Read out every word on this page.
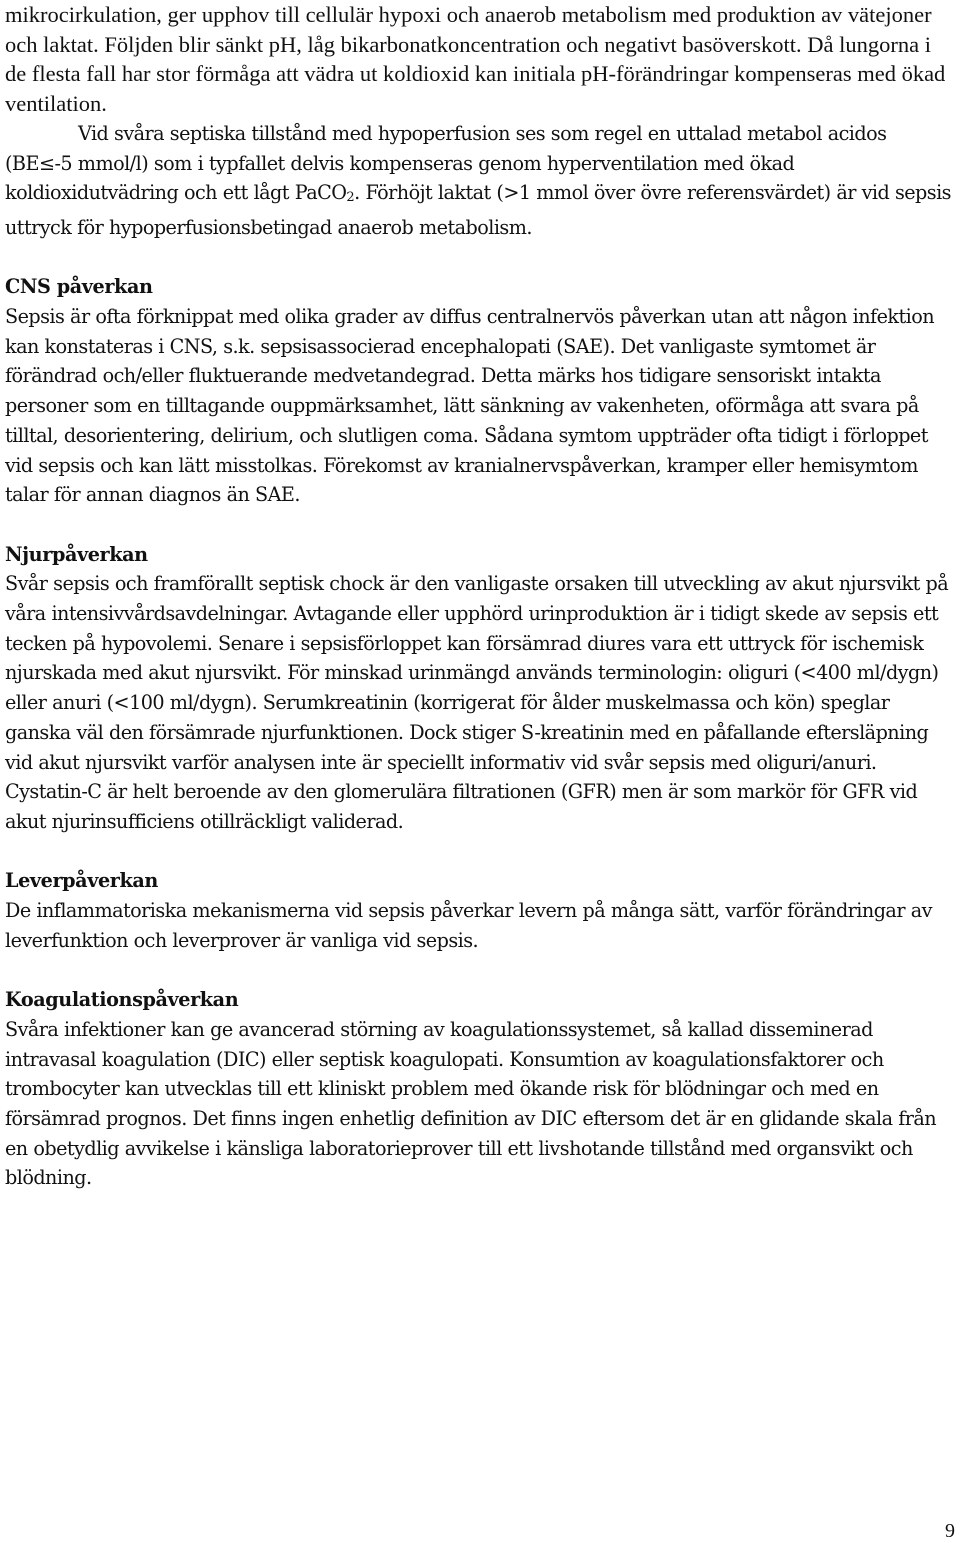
mikrocirkulation, ger upphov till cellulär hypoxi och anaerob metabolism med produktion av vätejoner och laktat. Följden blir sänkt pH, låg bikarbonatkoncentration och negativt basöverskott. Då lungorna i de flesta fall har stor förmåga att vädra ut koldioxid kan initiala pH-förändringar kompenseras med ökad ventilation.

Vid svåra septiska tillstånd med hypoperfusion ses som regel en uttalad metabol acidos (BE≤-5 mmol/l) som i typfallet delvis kompenseras genom hyperventilation med ökad koldioxidutvädring och ett lågt PaCO2. Förhöjt laktat (>1 mmol över övre referensvärdet) är vid sepsis uttryck för hypoperfusionsbetingad anaerob metabolism.

CNS påverkan

Sepsis är ofta förknippat med olika grader av diffus centralnervös påverkan utan att någon infektion kan konstateras i CNS, s.k. sepsisassocierad encephalopati (SAE). Det vanligaste symtomet är förändrad och/eller fluktuerande medvetandegrad. Detta märks hos tidigare sensoriskt intakta personer som en tilltagande ouppmärksamhet, lätt sänkning av vakenheten, oförmåga att svara på tilltal, desorientering, delirium, och slutligen coma. Sådana symtom uppträder ofta tidigt i förloppet vid sepsis och kan lätt misstolkas. Förekomst av kranialnervspåverkan, kramper eller hemisymtom talar för annan diagnos än SAE.

Njurpåverkan

Svår sepsis och framförallt septisk chock är den vanligaste orsaken till utveckling av akut njursvikt på våra intensivvårdsavdelningar. Avtagande eller upphörd urinproduktion är i tidigt skede av sepsis ett tecken på hypovolemi. Senare i sepsisförloppet kan försämrad diures vara ett uttryck för ischemisk njurskada med akut njursvikt. För minskad urinmängd används terminologin: oliguri (<400 ml/dygn) eller anuri (<100 ml/dygn). Serumkreatinin (korrigerat för ålder muskelmassa och kön) speglar ganska väl den försämrade njurfunktionen. Dock stiger S-kreatinin med en påfallande eftersläpning vid akut njursvikt varför analysen inte är speciellt informativ vid svår sepsis med oliguri/anuri. Cystatin-C är helt beroende av den glomerulära filtrationen (GFR) men är som markör för GFR vid akut njurinsufficiens otillräckligt validerad.

Leverpåverkan

De inflammatoriska mekanismerna vid sepsis påverkar levern på många sätt, varför förändringar av leverfunktion och leverprover är vanliga vid sepsis.

Koagulationspåverkan

Svåra infektioner kan ge avancerad störning av koagulationssystemet, så kallad disseminerad intravasal koagulation (DIC) eller septisk koagulopati. Konsumtion av koagulationsfaktorer och trombocyter kan utvecklas till ett kliniskt problem med ökande risk för blödningar och med en försämrad prognos. Det finns ingen enhetlig definition av DIC eftersom det är en glidande skala från en obetydlig avvikelse i känsliga laboratorieprover till ett livshotande tillstånd med organsvikt och blödning.

9
